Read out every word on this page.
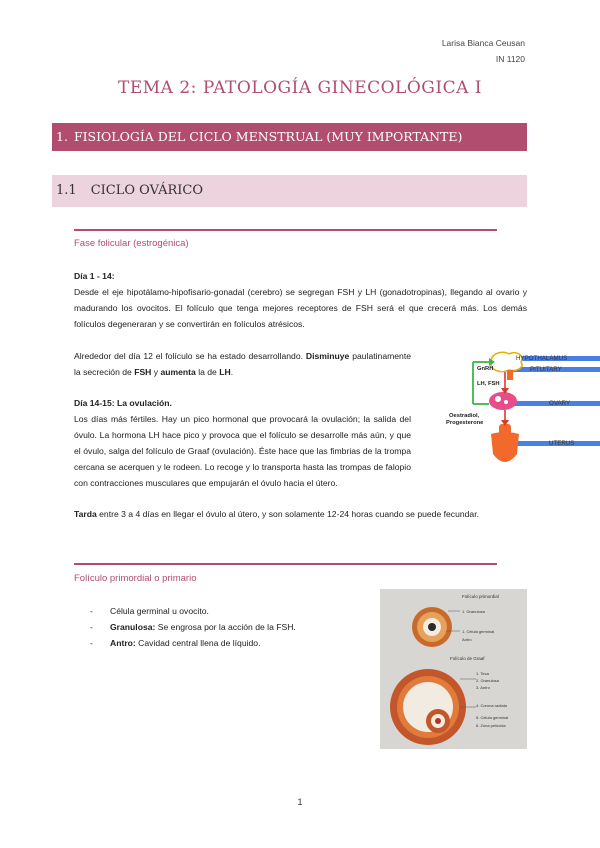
Larisa Bianca Ceusan
IN 1120
TEMA 2: PATOLOGÍA GINECOLÓGICA I
1. FISIOLOGÍA DEL CICLO MENSTRUAL (MUY IMPORTANTE)
1.1 CICLO OVÁRICO
Fase folicular (estrogénica)

Día 1 - 14:

Desde el eje hipotálamo-hipofisario-gonadal (cerebro) se segregan FSH y LH (gonadotropinas), llegando al ovario y madurando los ovocitos. El folículo que tenga mejores receptores de FSH será el que crecerá más. Los demás folículos degeneraran y se convertirán en folículos atrésicos.

Alrededor del día 12 el folículo se ha estado desarrollando. Disminuye paulatinamente la secreción de FSH y aumenta la de LH.

Día 14-15: La ovulación.

Los días más fértiles. Hay un pico hormonal que provocará la ovulación; la salida del óvulo. La hormona LH hace pico y provoca que el folículo se desarrolle más aún, y que el óvulo, salga del folículo de Graaf (ovulación). Éste hace que las fimbrias de la trompa cercana se acerquen y le rodeen. Lo recoge y lo transporta hasta las trompas de falopio con contracciones musculares que empujarán el óvulo hacia el útero.

Tarda entre 3 a 4 días en llegar el óvulo al útero, y son solamente 12-24 horas cuando se puede fecundar.
HYPOTHALAMUS
PITUITARY
OVARY
UTERUS
GnRH
LH, FSH
Oestradiol,
Progesterone
Folículo primordial o primario
- Célula germinal u ovocito.
- Granulosa: Se engrosa por la acción de la FSH.
- Antro: Cavidad central llena de líquido.
Folículo primordial
1. Granulosa
1. Célula germinal
Antro
Folículo de Graaf
1. Teca
2. Granulosa
3. Antro
4. Corona radiata
5. Célula germinal
6. Zona pelúcida
1
